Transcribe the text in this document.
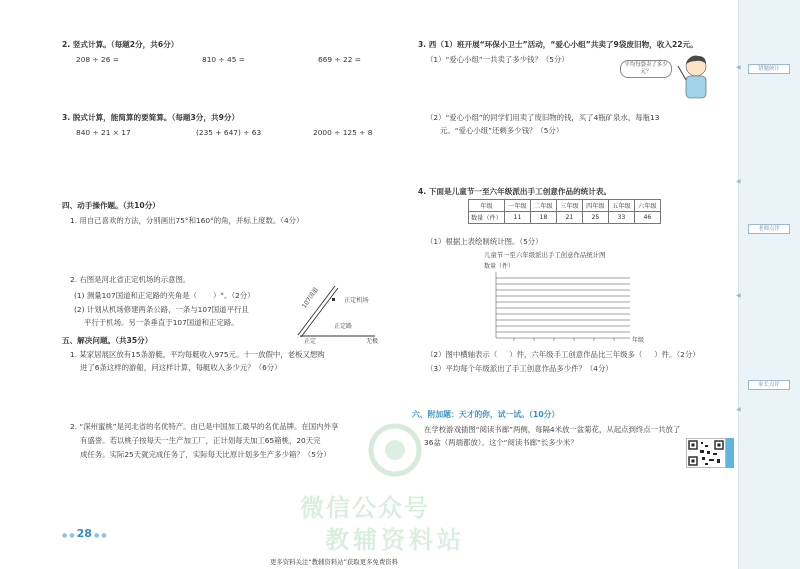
2. 竖式计算。（每题2分，共6分）
208 ÷ 26 =	810 ÷ 45 =	669 ÷ 22 =
3. 脱式计算，能简算的要简算。（每题3分，共9分）
840 ÷ 21 × 17	(235 + 647) ÷ 63	2000 ÷ 125 ÷ 8
四、动手操作题。（共10分）
1. 用自己喜欢的方法，分别画出75°和160°的角，并标上度数。（4分）
2. 右图是河北省正定机场的示意图。
(1) 测量107国道和正定路的夹角是（ ）°。（2分）
(2) 计划从机场修建两条公路，一条与107国道平行且
平行于机场。另一条垂直于107国道和正定路。
正定机场
107国道
正定路
正定	无极
五、解决问题。（共35分）
1. 某家居展区放有15条游艇，平均每艇收入975元。十一放假中，老板又想购
进了6条这样的游船，问这样计算，每艇收入多少元？（6分）
2. “深州蜜桃”是河北省的名优特产。由已是中国加工最早的名优品牌。在国内外享
有盛誉。若以桃子按每天一生产加工厂，正计划每天加工65箱桃，20天完
成任务。实际25天就完成任务了，实际每天比原计划多生产多少箱？（5分）
● ● 28 ● ●
3. 西（1）班开展“环保小卫士”活动，“爱心小组”共卖了9袋废旧物，收入22元。
（1）“爱心小组”一共卖了多少钱？（5分）
平均每袋卖了多少元？
（2）“爱心小组”的同学们用卖了废旧物的钱，买了4瓶矿泉水，每瓶13
元。“爱心小组”还剩多少钱？（5分）
4. 下面是儿童节一至六年级派出手工创意作品的统计表。
年级	一年级	二年级	三年级	四年级	五年级	六年级
数量（件）	11	18	21	25	33	46
（1）根据上表绘制统计图。（5分）
儿童节一至六年级派出手工创意作品统计图
数量（件）
年级
（2）图中横轴表示（ ）件，六年级手工创意作品比三年级多（ ）件。（2分）
（3）平均每个年级派出了手工创意作品多少件？（4分）
六、附加题：天才的你，试一试。（10分）
在学校游戏插图“阅读书廊”两侧，每隔4米放一盆菊花，从起点到终点一共放了
36盆（两端都放）。这个“阅读书廊”长多少米？
◀
◀
◀
◀
错题统计
老师点评
家长点评
微信公众号
教辅资料站
更多资料关注“教辅资料站”获取更多免费资料
